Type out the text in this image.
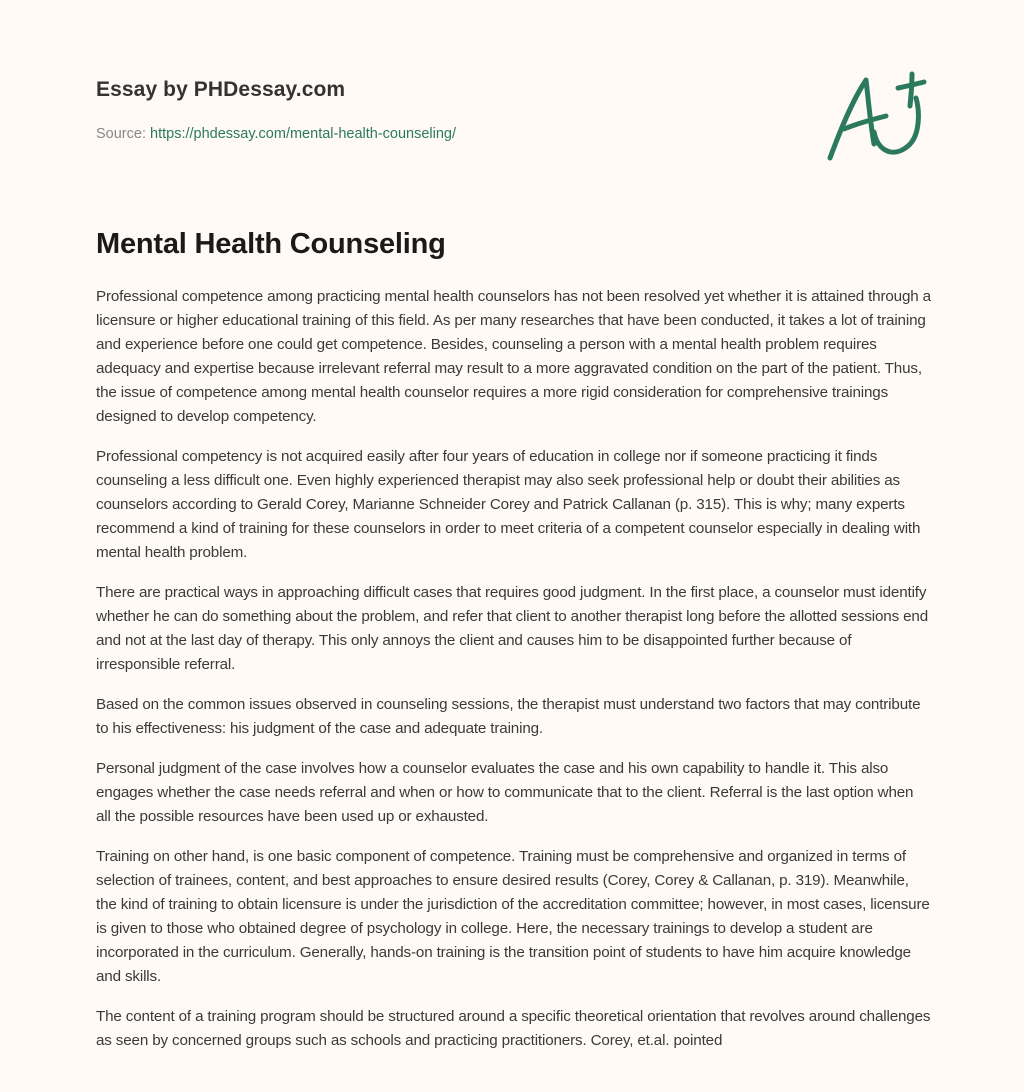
Essay by PHDessay.com
Source: https://phdessay.com/mental-health-counseling/
Mental Health Counseling

Professional competence among practicing mental health counselors has not been resolved yet whether it is attained through a licensure or higher educational training of this field. As per many researches that have been conducted, it takes a lot of training and experience before one could get competence. Besides, counseling a person with a mental health problem requires adequacy and expertise because irrelevant referral may result to a more aggravated condition on the part of the patient. Thus, the issue of competence among mental health counselor requires a more rigid consideration for comprehensive trainings designed to develop competency.

Professional competency is not acquired easily after four years of education in college nor if someone practicing it finds counseling a less difficult one. Even highly experienced therapist may also seek professional help or doubt their abilities as counselors according to Gerald Corey, Marianne Schneider Corey and Patrick Callanan (p. 315). This is why; many experts recommend a kind of training for these counselors in order to meet criteria of a competent counselor especially in dealing with mental health problem.

There are practical ways in approaching difficult cases that requires good judgment. In the first place, a counselor must identify whether he can do something about the problem, and refer that client to another therapist long before the allotted sessions end and not at the last day of therapy. This only annoys the client and causes him to be disappointed further because of irresponsible referral.

Based on the common issues observed in counseling sessions, the therapist must understand two factors that may contribute to his effectiveness: his judgment of the case and adequate training.

Personal judgment of the case involves how a counselor evaluates the case and his own capability to handle it. This also engages whether the case needs referral and when or how to communicate that to the client. Referral is the last option when all the possible resources have been used up or exhausted.

Training on other hand, is one basic component of competence. Training must be comprehensive and organized in terms of selection of trainees, content, and best approaches to ensure desired results (Corey, Corey & Callanan, p. 319). Meanwhile, the kind of training to obtain licensure is under the jurisdiction of the accreditation committee; however, in most cases, licensure is given to those who obtained degree of psychology in college. Here, the necessary trainings to develop a student are incorporated in the curriculum. Generally, hands-on training is the transition point of students to have him acquire knowledge and skills.

The content of a training program should be structured around a specific theoretical orientation that revolves around challenges as seen by concerned groups such as schools and practicing practitioners. Corey, et.al. pointed
